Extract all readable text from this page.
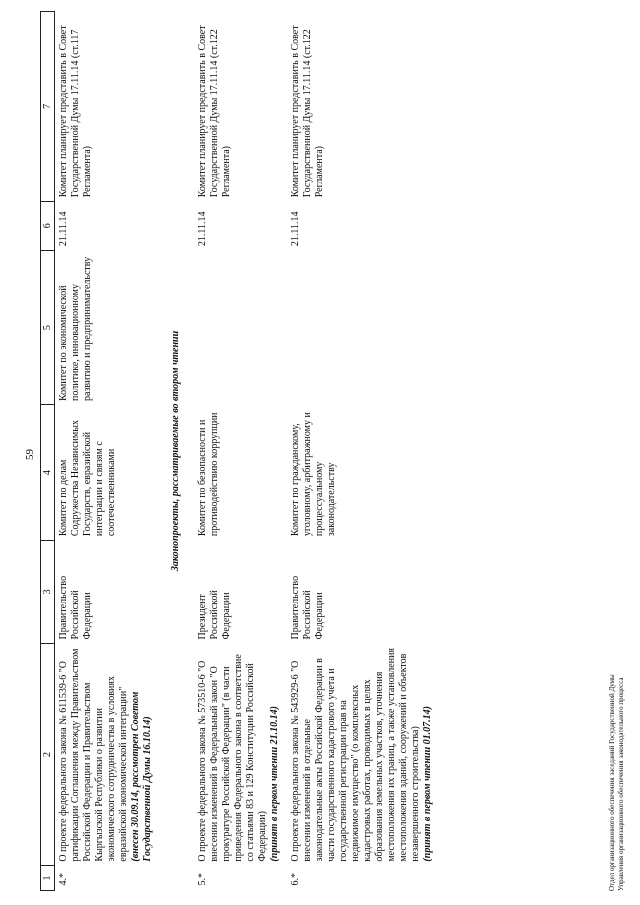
59
1	2	3	4	5	6	7
4.*	О проекте федерального закона № 611539-6 "О ратификации Соглашения между Правительством Российской Федерации и Правительством Кыргызской Республики о развитии экономического сотрудничества в условиях евразийской экономической интеграции" (внесен 30.09.14, рассмотрен Советом Государственной Думы 16.10.14)	Правительство Российской Федерации	Комитет по делам Содружества Независимых Государств, евразийской интеграции и связям с соотечественниками	Комитет по экономической политике, инновационному развитию и предпринимательству	21.11.14	Комитет планирует представить в Совет Государственной Думы 17.11.14 (ст.117 Регламента)
Законопроекты, рассматриваемые во втором чтении						
5.*	О проекте федерального закона № 573510-6 "О внесении изменений в Федеральный закон "О прокуратуре Российской Федерации" (в части приведения Федерального закона в соответствие со статьями 83 и 129 Конституции Российской Федерации) (принят в первом чтении 21.10.14)	Президент Российской Федерации	Комитет по безопасности и противодействию коррупции		21.11.14	Комитет планирует представить в Совет Государственной Думы 17.11.14 (ст.122 Регламента)
6.*	О проекте федерального закона № 543929-6 "О внесении изменений в отдельные законодательные акты Российской Федерации в части государственного кадастрового учета и государственной регистрации прав на недвижимое имущество" (о комплексных кадастровых работах, проводимых в целях образования земельных участков, уточнения местоположения их границ, а также установления местоположения зданий, сооружений и объектов незавершенного строительства) (принят в первом чтении 01.07.14)	Правительство Российской Федерации	Комитет по гражданскому, уголовному, арбитражному и процессуальному законодательству		21.11.14	Комитет планирует представить в Совет Государственной Думы 17.11.14 (ст.122 Регламента)
Отдел организационного обеспечения заседаний Государственной Думы Управления организационного обеспечения законодательного процесса
